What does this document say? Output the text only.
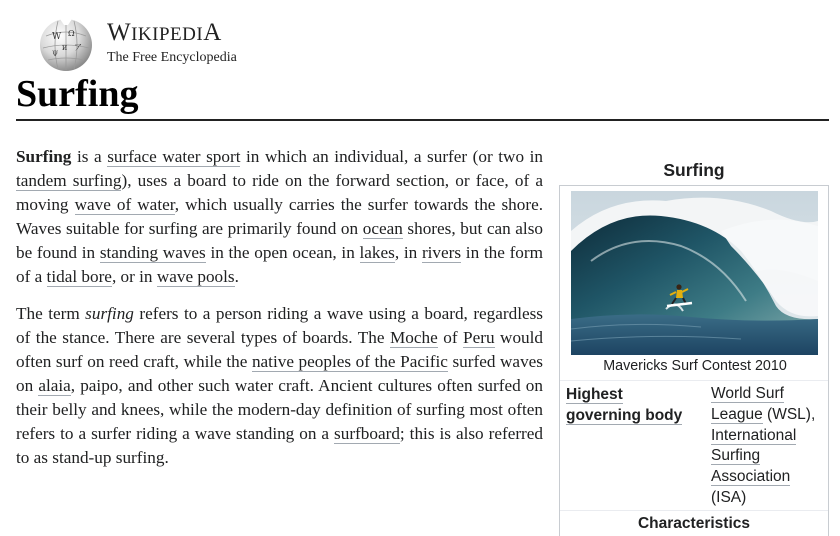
W Ω
и ア
Ψ
WIKIPEDIA
The Free Encyclopedia
Surfing

Surfing is a surface water sport in which an individual, a surfer (or two in tandem surfing), uses a board to ride on the forward section, or face, of a moving wave of water, which usually carries the surfer towards the shore. Waves suitable for surfing are primarily found on ocean shores, but can also be found in standing waves in the open ocean, in lakes, in rivers in the form of a tidal bore, or in wave pools.

The term surfing refers to a person riding a wave using a board, regardless of the stance. There are several types of boards. The Moche of Peru would often surf on reed craft, while the native peoples of the Pacific surfed waves on alaia, paipo, and other such water craft. Ancient cultures often surfed on their belly and knees, while the modern-day definition of surfing most often refers to a surfer riding a wave standing on a surfboard; this is also referred to as stand-up surfing.

Surfing
Mavericks Surf Contest 2010
Highest governing body
World Surf League (WSL), International Surfing Association (ISA)
Characteristics
